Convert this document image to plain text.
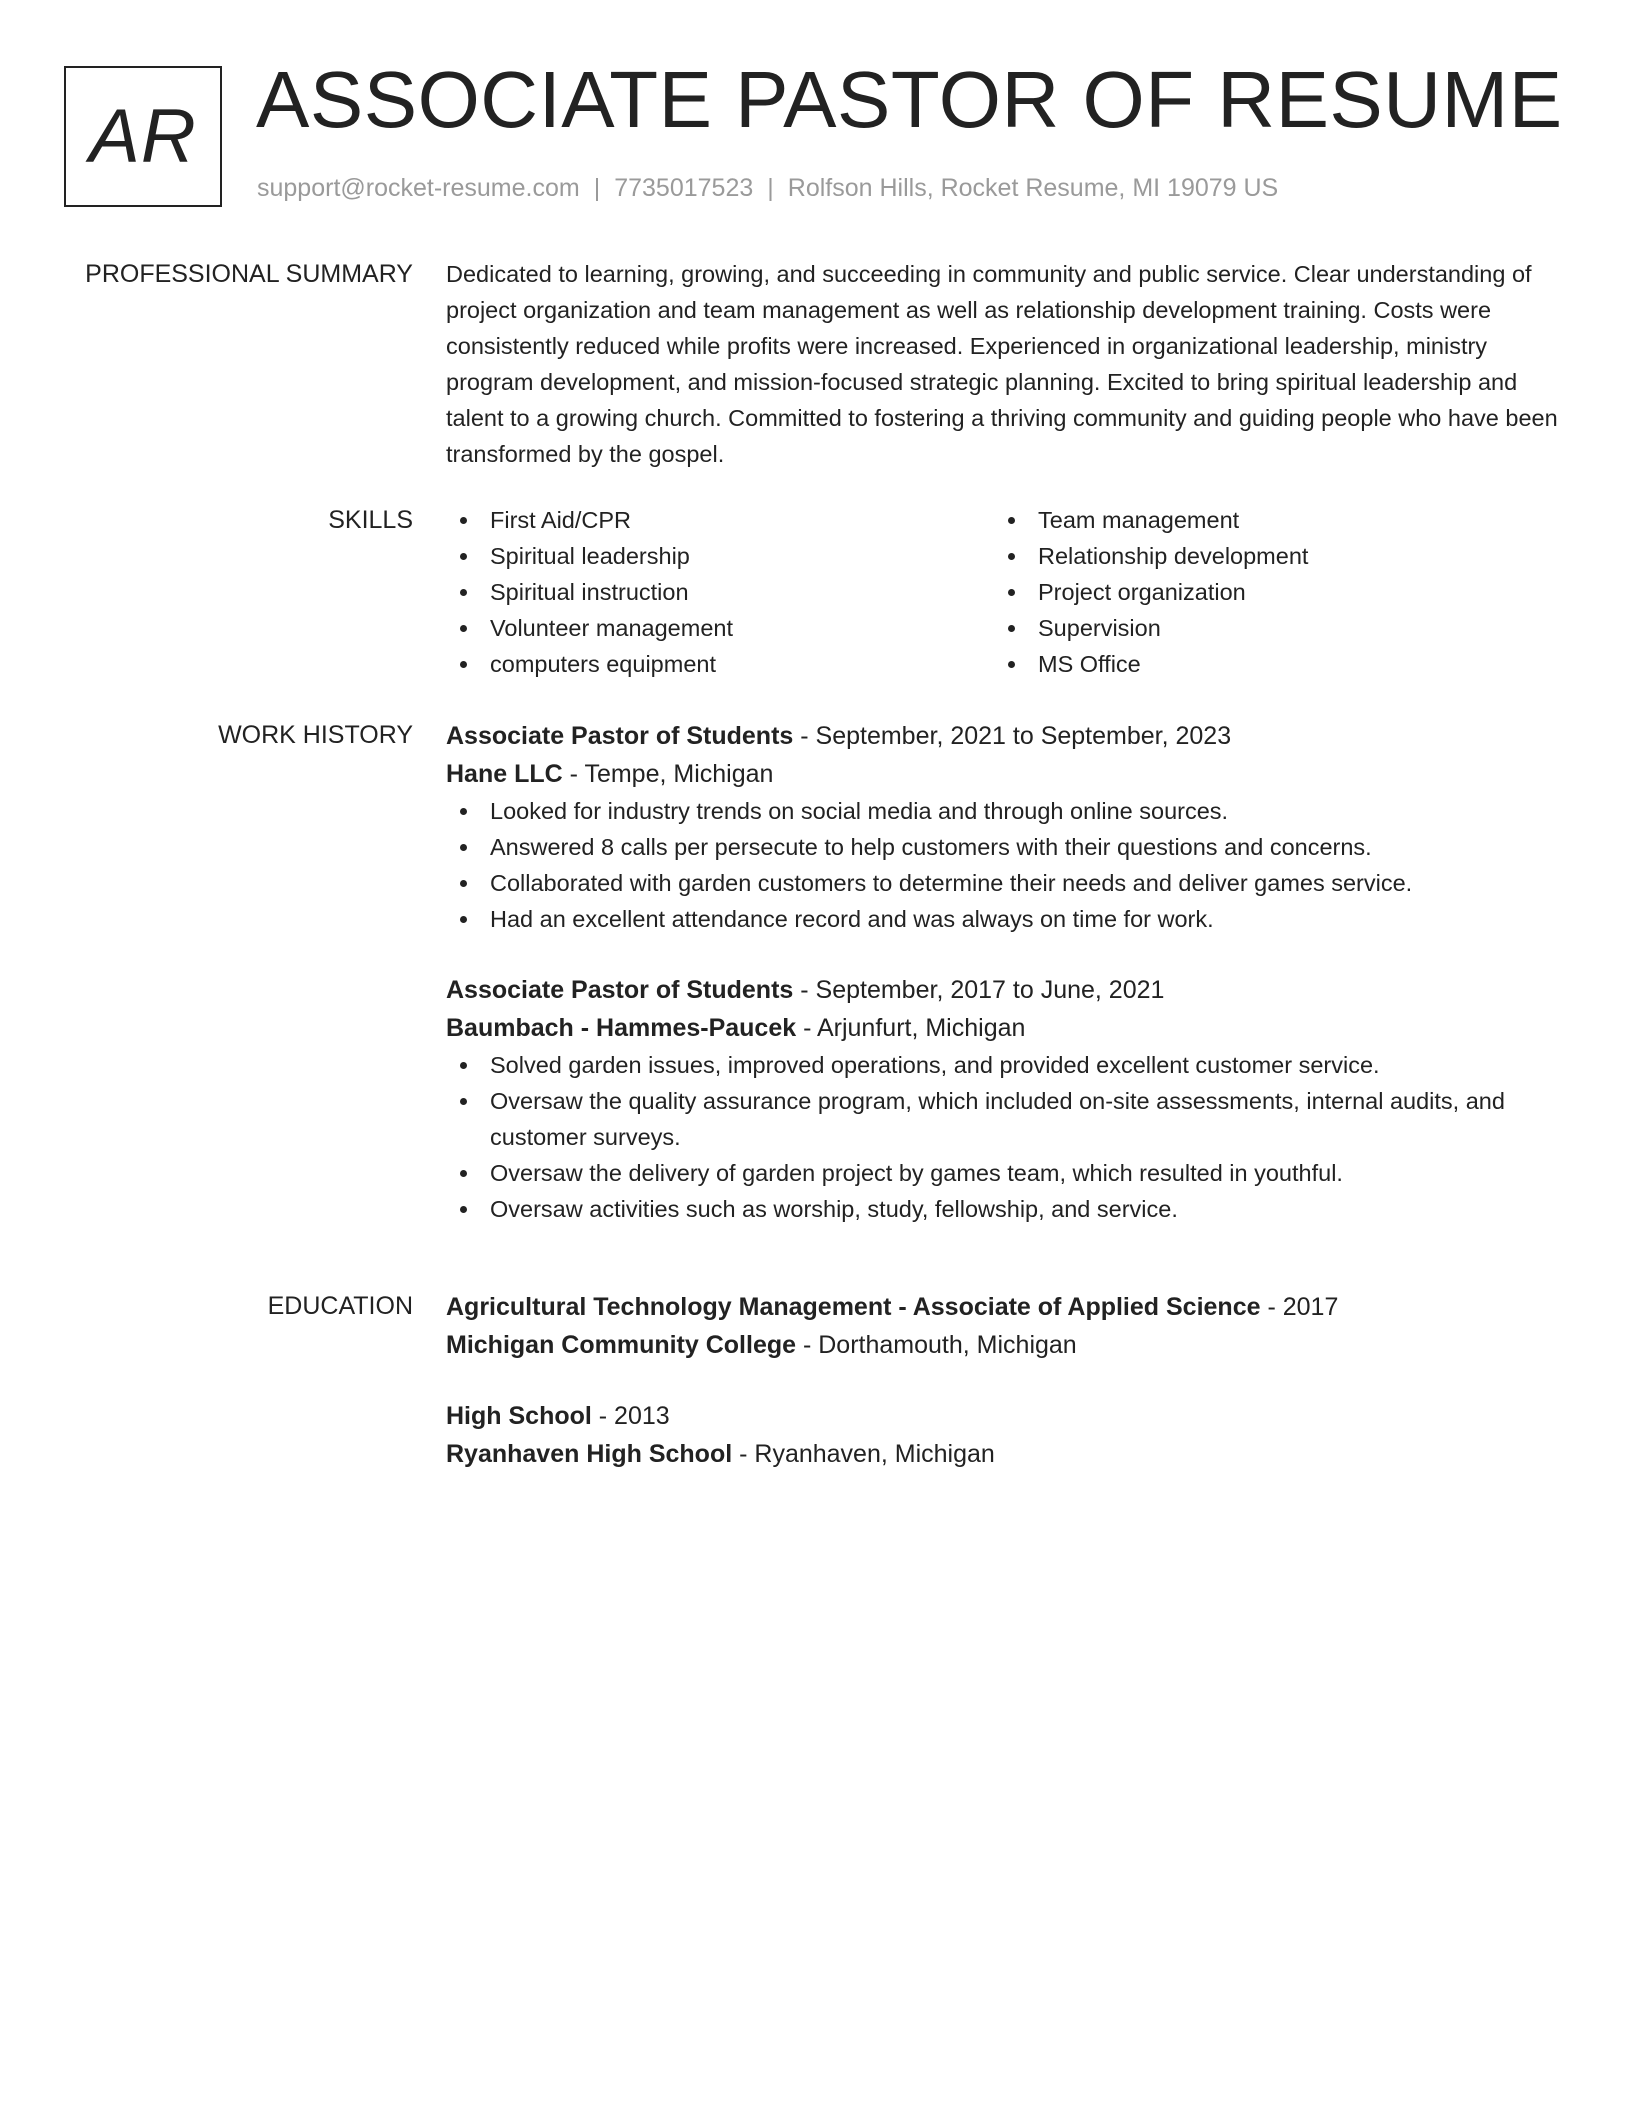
AR ASSOCIATE PASTOR OF RESUME
support@rocket-resume.com | 7735017523 | Rolfson Hills, Rocket Resume, MI 19079 US
PROFESSIONAL SUMMARY Dedicated to learning, growing, and succeeding in community and public service. Clear understanding of project organization and team management as well as relationship development training. Costs were consistently reduced while profits were increased. Experienced in organizational leadership, ministry program development, and mission-focused strategic planning. Excited to bring spiritual leadership and talent to a growing church. Committed to fostering a thriving community and guiding people who have been transformed by the gospel.

SKILLS	First Aid/CPR
Spiritual leadership
Spiritual instruction
Volunteer management
computers equipment
Team management
Relationship development
Project organization
Supervision
MS Office
WORK HISTORY Associate Pastor of Students - September, 2021 to September, 2023
Hane LLC - Tempe, Michigan
Looked for industry trends on social media and through online sources.
Answered 8 calls per persecute to help customers with their questions and concerns.
Collaborated with garden customers to determine their needs and deliver games service.
Had an excellent attendance record and was always on time for work.
Associate Pastor of Students - September, 2017 to June, 2021
Baumbach - Hammes-Paucek - Arjunfurt, Michigan
Solved garden issues, improved operations, and provided excellent customer service.
Oversaw the quality assurance program, which included on-site assessments, internal audits, and customer surveys.
Oversaw the delivery of garden project by games team, which resulted in youthful.
Oversaw activities such as worship, study, fellowship, and service.
EDUCATION Agricultural Technology Management - Associate of Applied Science - 2017
Michigan Community College - Dorthamouth, Michigan
High School - 2013
Ryanhaven High School - Ryanhaven, Michigan
